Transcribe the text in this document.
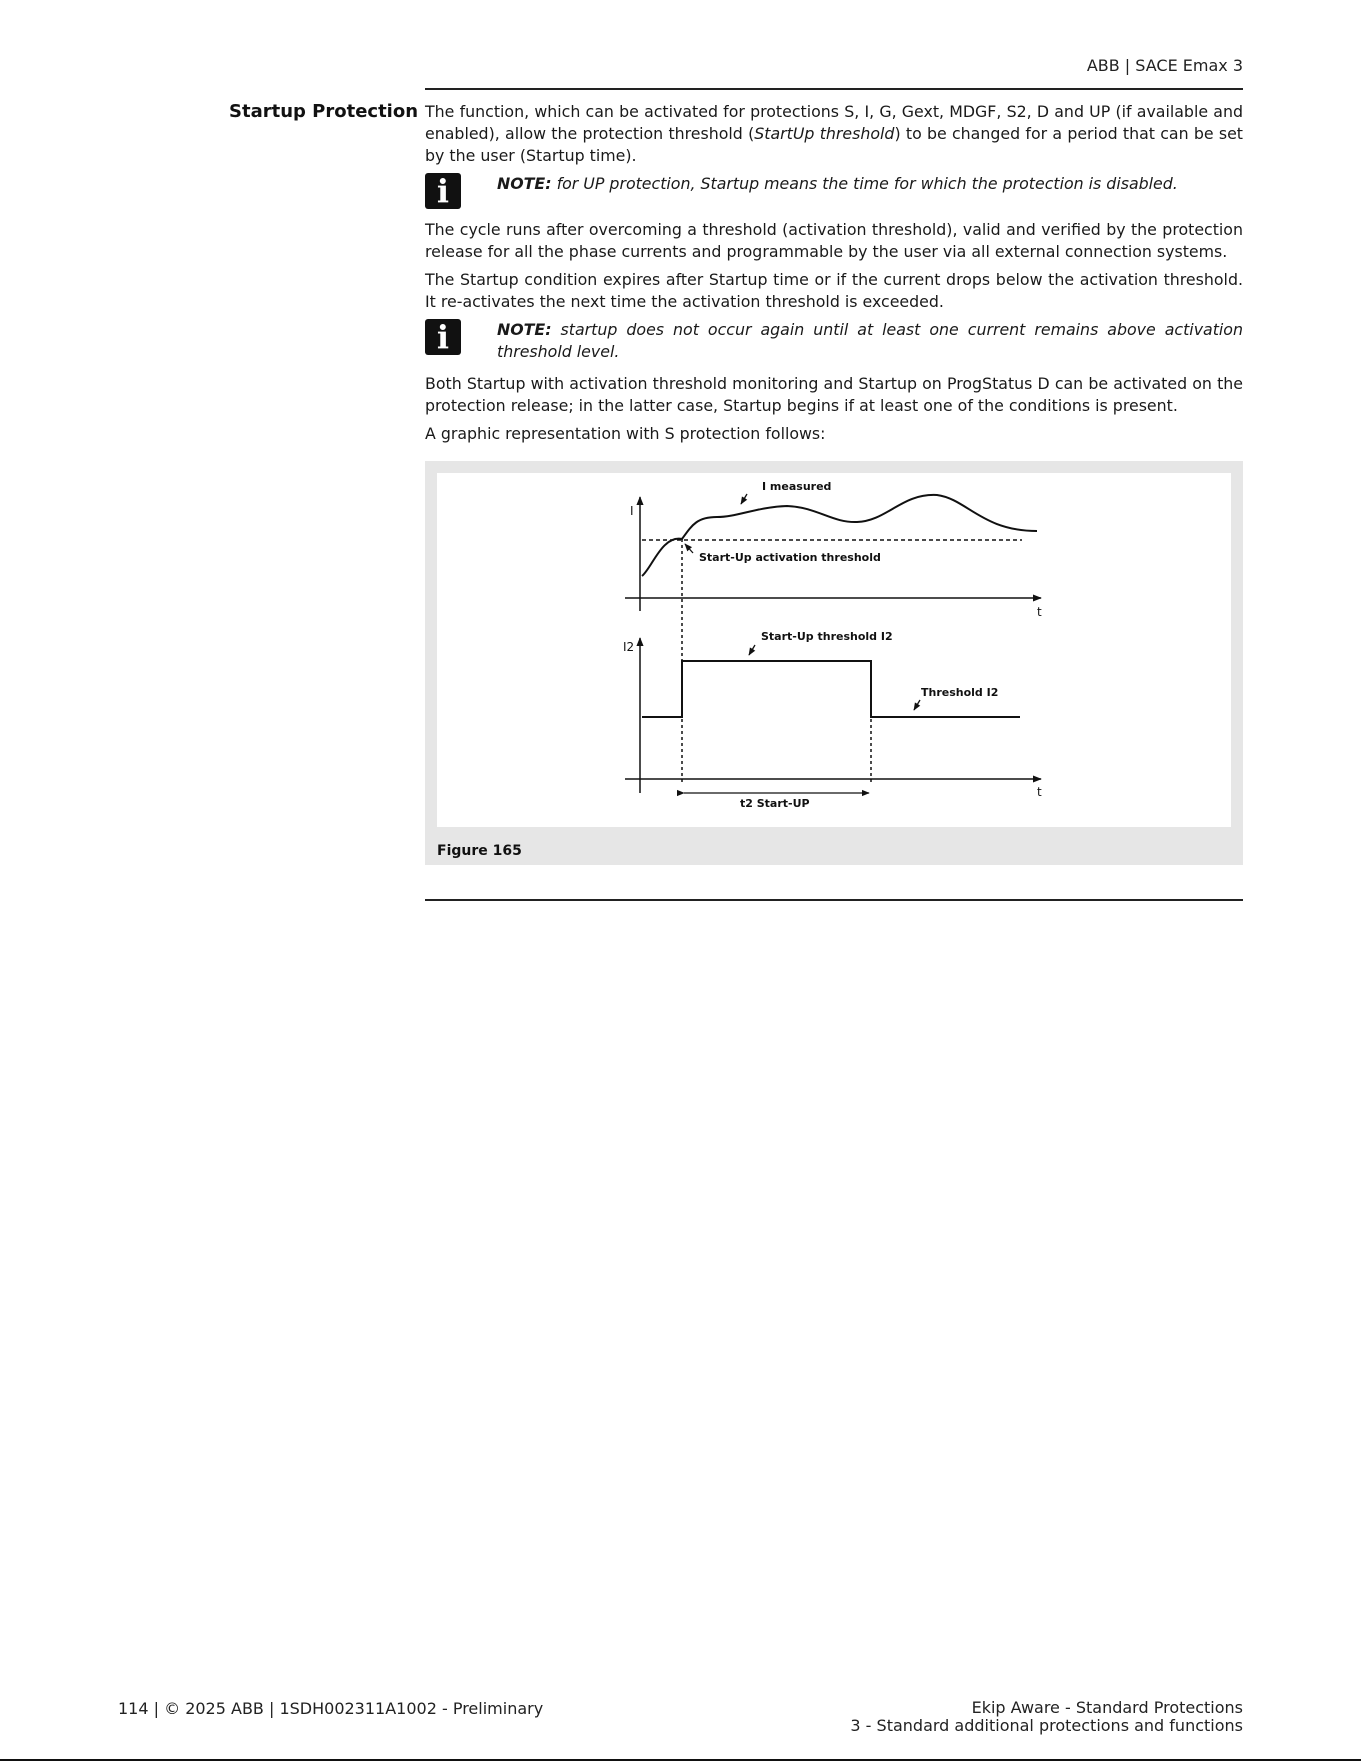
ABB | SACE Emax 3
Startup Protection The function, which can be activated for protections S, I, G, Gext, MDGF, S2, D and UP (if available and enabled), allow the protection threshold (StartUp threshold) to be changed for a period that can be set by the user (Startup time).

i	NOTE: for UP protection, Startup means the time for which the protection is disabled.

The cycle runs after overcoming a threshold (activation threshold), valid and verified by the protection release for all the phase currents and programmable by the user via all external connection systems.

The Startup condition expires after Startup time or if the current drops below the activation threshold. It re-activates the next time the activation threshold is exceeded.

i	NOTE: startup does not occur again until at least one current remains above activation threshold level.

Both Startup with activation threshold monitoring and Startup on ProgStatus D can be activated on the protection release; in the latter case, Startup begins if at least one of the conditions is present.

A graphic representation with S protection follows:

I
t
I measured
Start-Up activation threshold
I2
t
Start-Up threshold I2
Threshold I2
t2 Start-UP
Figure 165
114 | © 2025 ABB | 1SDH002311A1002 - Preliminary	Ekip Aware - Standard Protections
3 - Standard additional protections and functions
